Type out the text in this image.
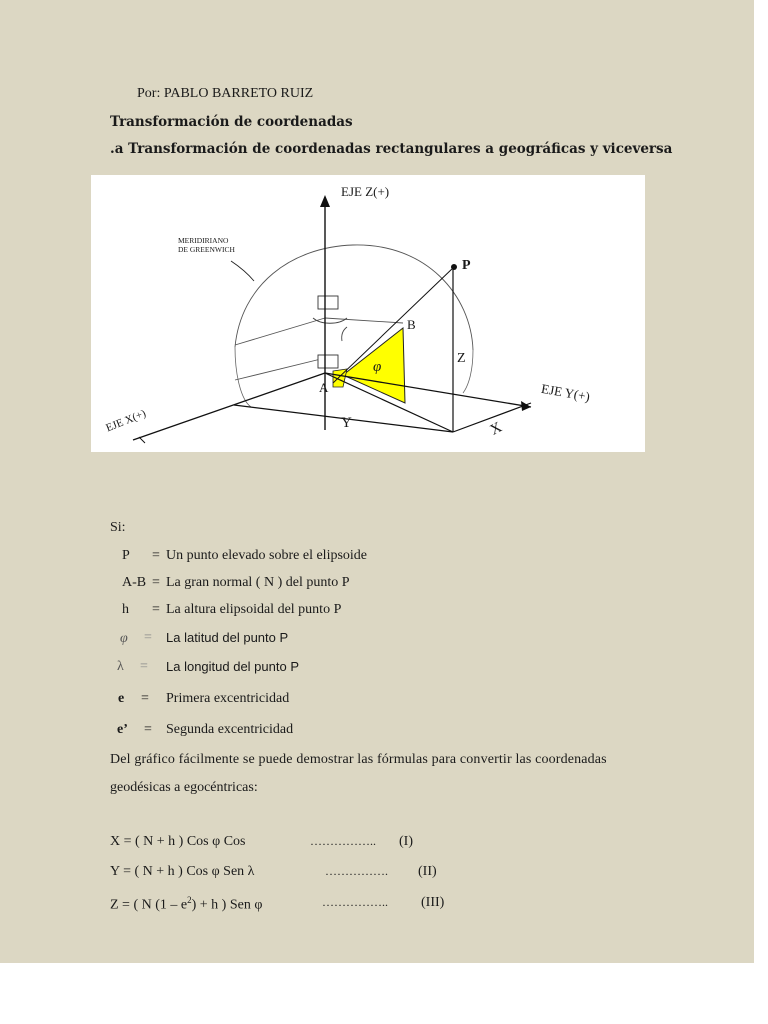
Por: PABLO BARRETO RUIZ
Transformación de coordenadas
.a Transformación de coordenadas rectangulares a geográficas y viceversa
EJE Z(+)
MERIDIRIANO
DE GREENWICH
P
B
A
Z
φ
EJE Y(+)
EJE X(+)	Y	X
Si:
P = Un punto elevado sobre el elipsoide
A-B = La gran normal ( N ) del punto P
h = La altura elipsoidal del punto P
φ = La latitud del punto P
λ = La longitud del punto P
e = Primera excentricidad
e’ = Segunda excentricidad
Del gráfico fácilmente se puede demostrar las fórmulas para convertir las coordenadas
geodésicas a egocéntricas:
X = ( N + h ) Cos φ Cos	…………….. (I)
Y = ( N + h ) Cos φ Sen λ	……………. (II)
Z = ( N $(1 - e^2) + h$ ) Sen φ	…………….. (III)
